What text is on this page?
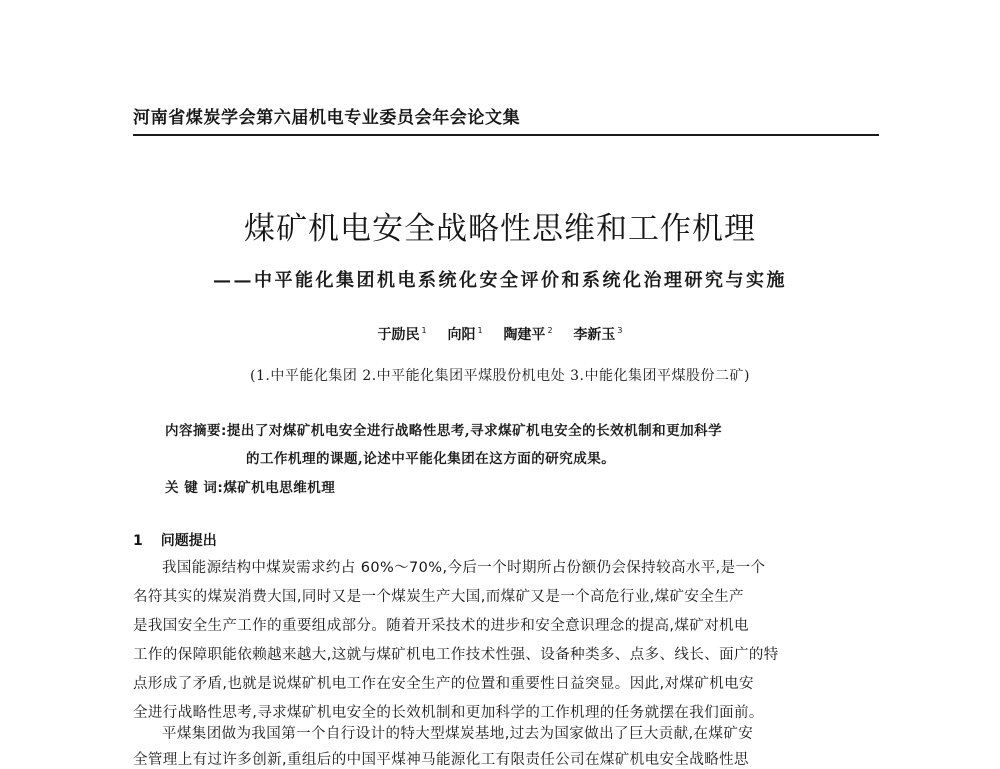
河南省煤炭学会第六届机电专业委员会年会论文集
煤矿机电安全战略性思维和工作机理
——中平能化集团机电系统化安全评价和系统化治理研究与实施
于励民 $^1$ 向阳 $^1$ 陶建平 $^2$ 李新玉 $^3$
(1.中平能化集团 2.中平能化集团平煤股份机电处 3.中能化集团平煤股份二矿)
内容摘要:提出了对煤矿机电安全进行战略性思考,寻求煤矿机电安全的长效机制和更加科学
的工作机理的课题,论述中平能化集团在这方面的研究成果。
关 键 词:煤矿机电思维机理
1 问题提出
我国能源结构中煤炭需求约占 60%～70%,今后一个时期所占份额仍会保持较高水平,是一个
名符其实的煤炭消费大国,同时又是一个煤炭生产大国,而煤矿又是一个高危行业,煤矿安全生产
是我国安全生产工作的重要组成部分。随着开采技术的进步和安全意识理念的提高,煤矿对机电
工作的保障职能依赖越来越大,这就与煤矿机电工作技术性强、设备种类多、点多、线长、面广的特
点形成了矛盾,也就是说煤矿机电工作在安全生产的位置和重要性日益突显。因此,对煤矿机电安
全进行战略性思考,寻求煤矿机电安全的长效机制和更加科学的工作机理的任务就摆在我们面前。
平煤集团做为我国第一个自行设计的特大型煤炭基地,过去为国家做出了巨大贡献,在煤矿安
全管理上有过许多创新,重组后的中国平煤神马能源化工有限责任公司在煤矿机电安全战略性思
